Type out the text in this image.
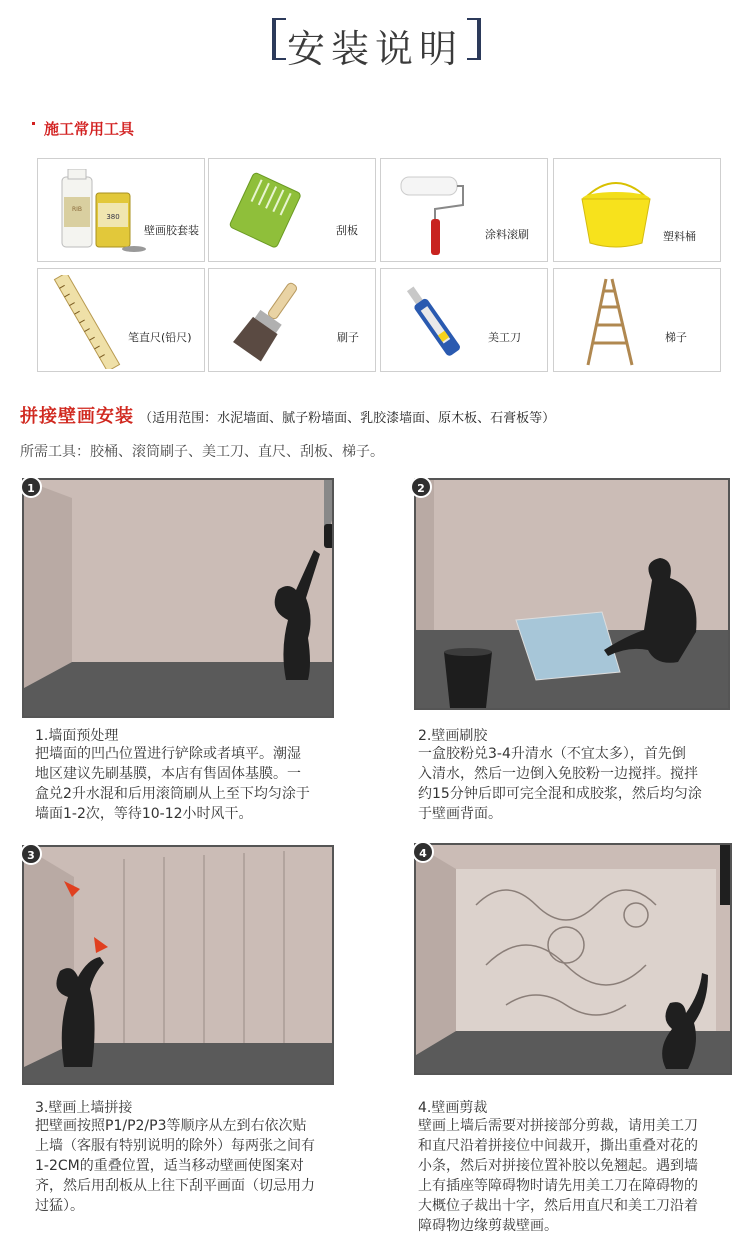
安装说明
施工常用工具
RIB
380
壁画胶套装	刮板	涂料滚刷	塑料桶
笔直尺(铅尺)	刷子	美工刀	梯子
拼接壁画安装 （适用范围：水泥墙面、腻子粉墙面、乳胶漆墙面、原木板、石膏板等）
所需工具：胶桶、滚筒刷子、美工刀、直尺、刮板、梯子。
1	2
1.墙面预处理
把墙面的凹凸位置进行铲除或者填平。潮湿
地区建议先刷基膜，本店有售固体基膜。一
盒兑2升水混和后用滚筒刷从上至下均匀涂于
墙面1-2次，等待10-12小时风干。
2.壁画刷胶
一盒胶粉兑3-4升清水（不宜太多），首先倒
入清水，然后一边倒入免胶粉一边搅拌。搅拌
约15分钟后即可完全混和成胶浆，然后均匀涂
于壁画背面。
3	4
3.壁画上墙拼接
把壁画按照P1/P2/P3等顺序从左到右依次贴
上墙（客服有特别说明的除外）每两张之间有
1-2CM的重叠位置，适当移动壁画使图案对
齐，然后用刮板从上往下刮平画面（切忌用力
过猛）。
4.壁画剪裁
壁画上墙后需要对拼接部分剪裁，请用美工刀
和直尺沿着拼接位中间裁开，撕出重叠对花的
小条，然后对拼接位置补胶以免翘起。遇到墙
上有插座等障碍物时请先用美工刀在障碍物的
大概位子裁出十字，然后用直尺和美工刀沿着
障碍物边缘剪裁壁画。
